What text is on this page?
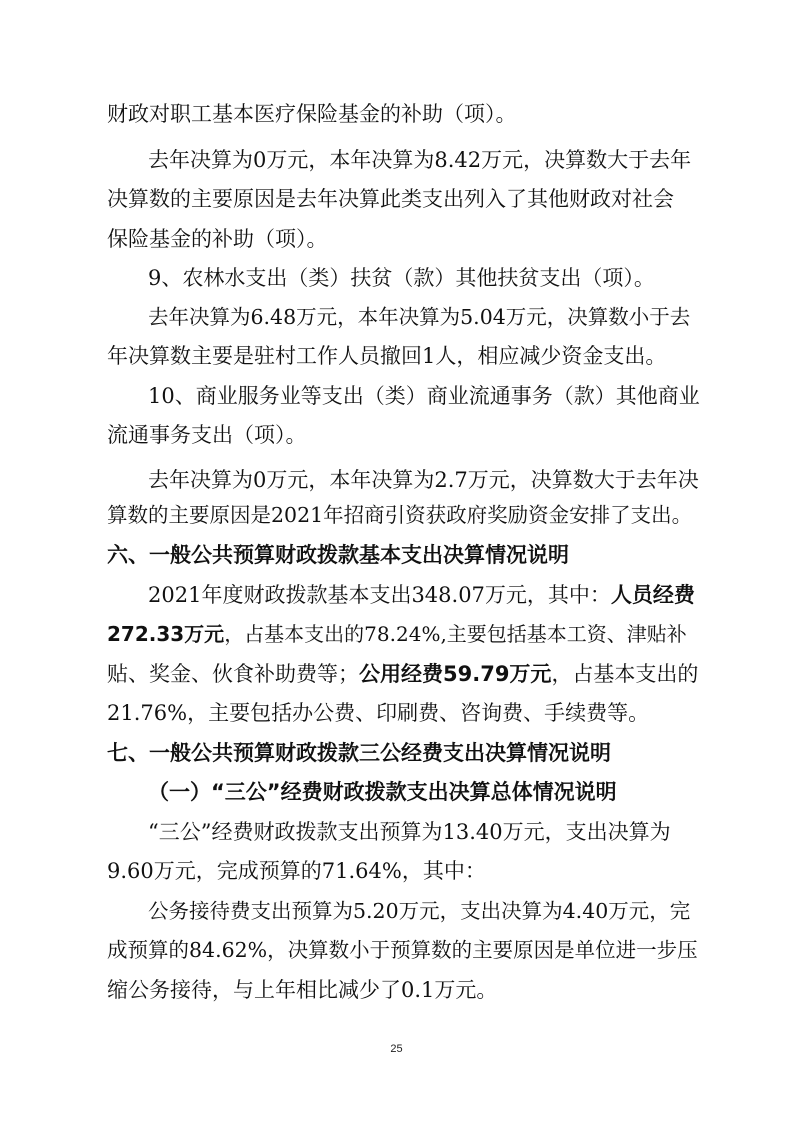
财政对职工基本医疗保险基金的补助（项）。
去年决算为0万元，本年决算为8.42万元，决算数大于去年
决算数的主要原因是去年决算此类支出列入了其他财政对社会
保险基金的补助（项）。
9、农林水支出（类）扶贫（款）其他扶贫支出（项）。
去年决算为6.48万元，本年决算为5.04万元，决算数小于去
年决算数主要是驻村工作人员撤回1人，相应减少资金支出。
10、商业服务业等支出（类）商业流通事务（款）其他商业
流通事务支出（项）。
去年决算为0万元，本年决算为2.7万元，决算数大于去年决
算数的主要原因是2021年招商引资获政府奖励资金安排了支出。
六、一般公共预算财政拨款基本支出决算情况说明
2021年度财政拨款基本支出348.07万元，其中：人员经费
272.33万元，占基本支出的78.24%,主要包括基本工资、津贴补
贴、奖金、伙食补助费等；公用经费59.79万元，占基本支出的
21.76%，主要包括办公费、印刷费、咨询费、手续费等。
七、一般公共预算财政拨款三公经费支出决算情况说明
（一）“三公”经费财政拨款支出决算总体情况说明
“三公”经费财政拨款支出预算为13.40万元，支出决算为
9.60万元，完成预算的71.64%，其中：
公务接待费支出预算为5.20万元，支出决算为4.40万元，完
成预算的84.62%，决算数小于预算数的主要原因是单位进一步压
缩公务接待，与上年相比减少了0.1万元。
25
